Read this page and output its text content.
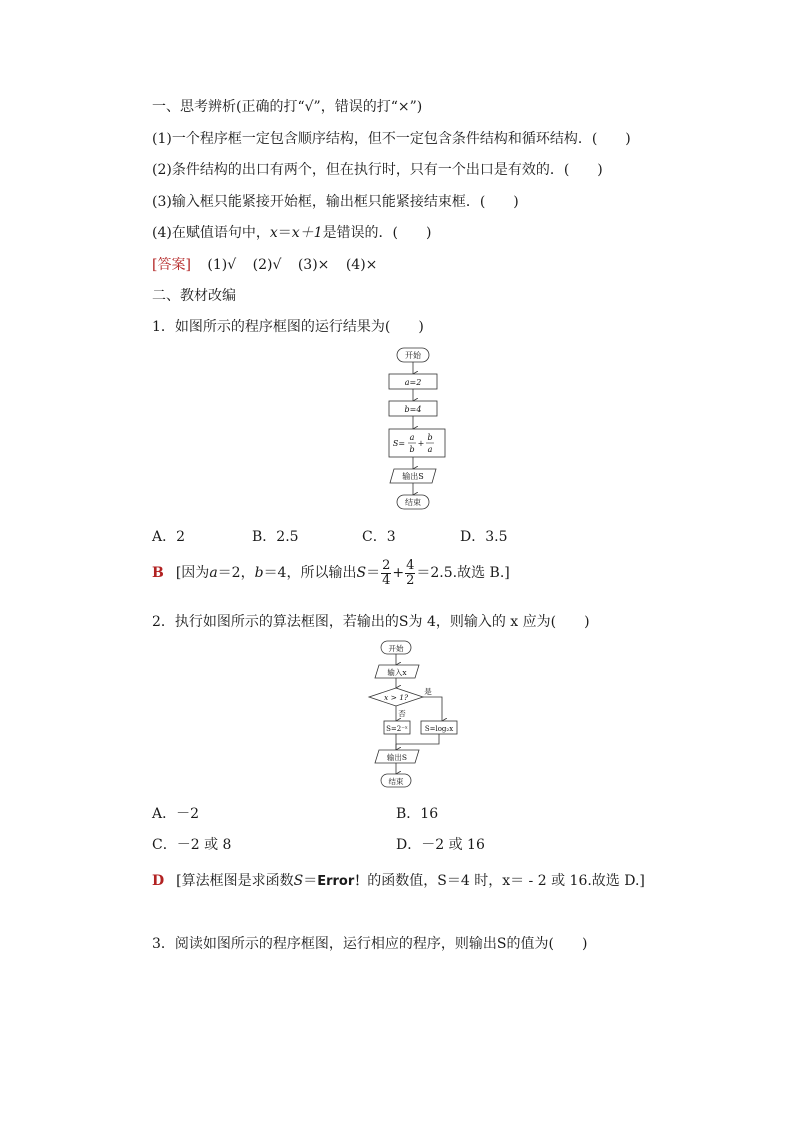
一、思考辨析(正确的打“√”，错误的打“×”)
(1)一个程序框一定包含顺序结构，但不一定包含条件结构和循环结构．(　　)
(2)条件结构的出口有两个，但在执行时，只有一个出口是有效的．(　　)
(3)输入框只能紧接开始框，输出框只能紧接结束框．(　　)
(4)在赋值语句中，x＝x＋1是错误的．(　　)
[答案] (1)√ (2)√ (3)× (4)×
二、教材改编
1．如图所示的程序框图的运行结果为(　　)
开始
a=2
b=4
S=
a
b
+
b
a
输出S
结束
A．2	B．2.5	C．3	D．3.5
B [因为a＝2，b＝4，所以输出$S= \frac{2}{4} + \frac{4}{2} =2.5$.故选 B.]
2．执行如图所示的算法框图，若输出的S为 4，则输入的 x 应为(　　)
开始
输入x
x > 1?
是
否
S=2⁻ˣ S=log₂x
输出S
结束
A．－2	B．16
C．－2 或 8	D．－2 或 16
D [算法框图是求函数S＝Error！的函数值，S＝4 时，x＝ - 2 或 16.故选 D.]
3．阅读如图所示的程序框图，运行相应的程序，则输出S的值为(　　)
